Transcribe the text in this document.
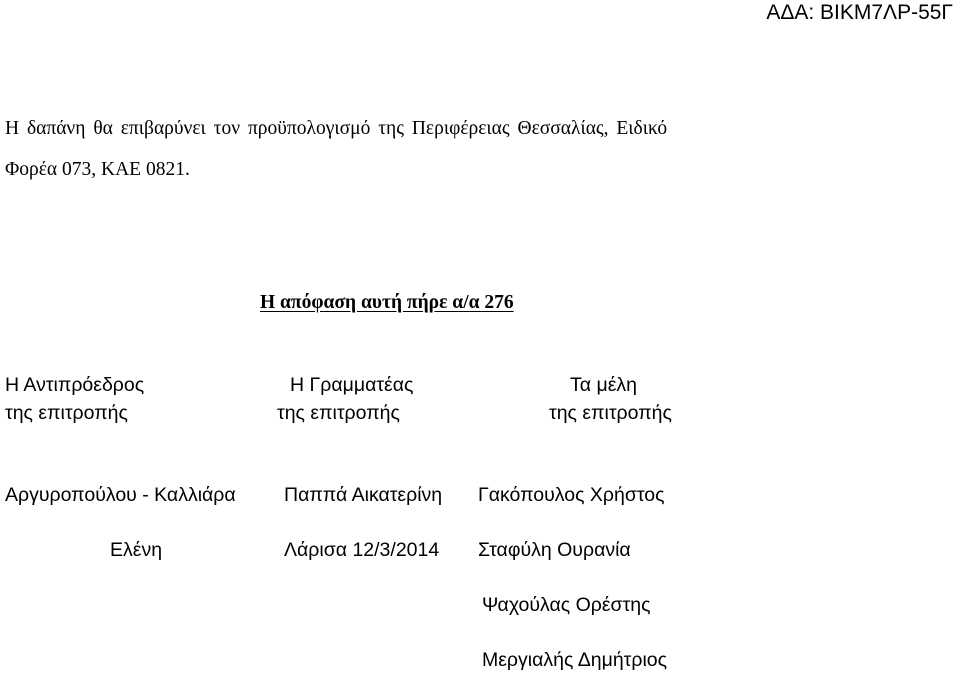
ΑΔΑ: ΒΙΚΜ7ΛΡ-55Γ
Η δαπάνη θα επιβαρύνει τον προϋπολογισμό της Περιφέρειας Θεσσαλίας, Ειδικό
Φορέα 073, ΚΑΕ 0821.
Η απόφαση αυτή πήρε α/α 276
Η Αντιπρόεδρος
της επιτροπής
Αργυροπούλου - Καλλιάρα
Ελένη
Η Γραμματέας
της επιτροπής
Παππά Αικατερίνη
Λάρισα 12/3/2014
Τα μέλη
της επιτροπής
Γακόπουλος Χρήστος
Σταφύλη Ουρανία
Ψαχούλας Ορέστης
Μεργιαλής Δημήτριος
